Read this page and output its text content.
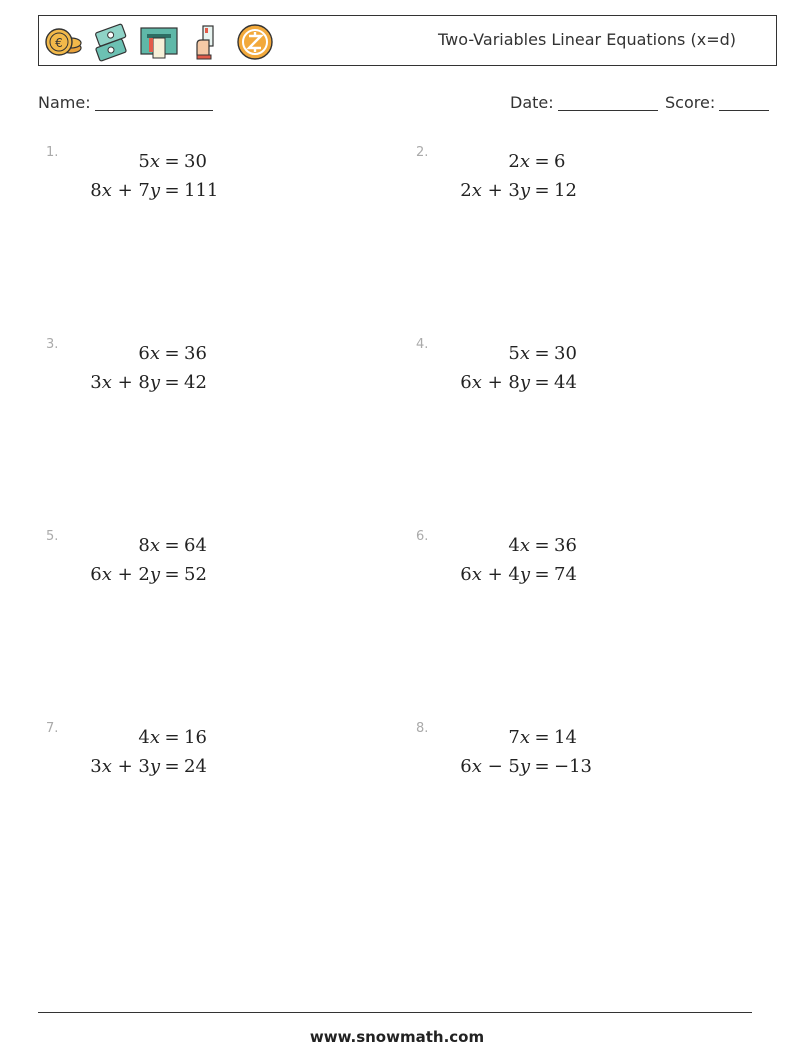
€	Two-Variables Linear Equations (x=d)
Name:	Date:	Score:
1.	5x = 30
8x + 7y = 111
2.	2x = 6
2x + 3y = 12
3.	6x = 36
3x + 8y = 42
4.	5x = 30
6x + 8y = 44
5.	8x = 64
6x + 2y = 52
6.	4x = 36
6x + 4y = 74
7.	4x = 16
3x + 3y = 24
8.	7x = 14
6x − 5y = −13
www.snowmath.com
